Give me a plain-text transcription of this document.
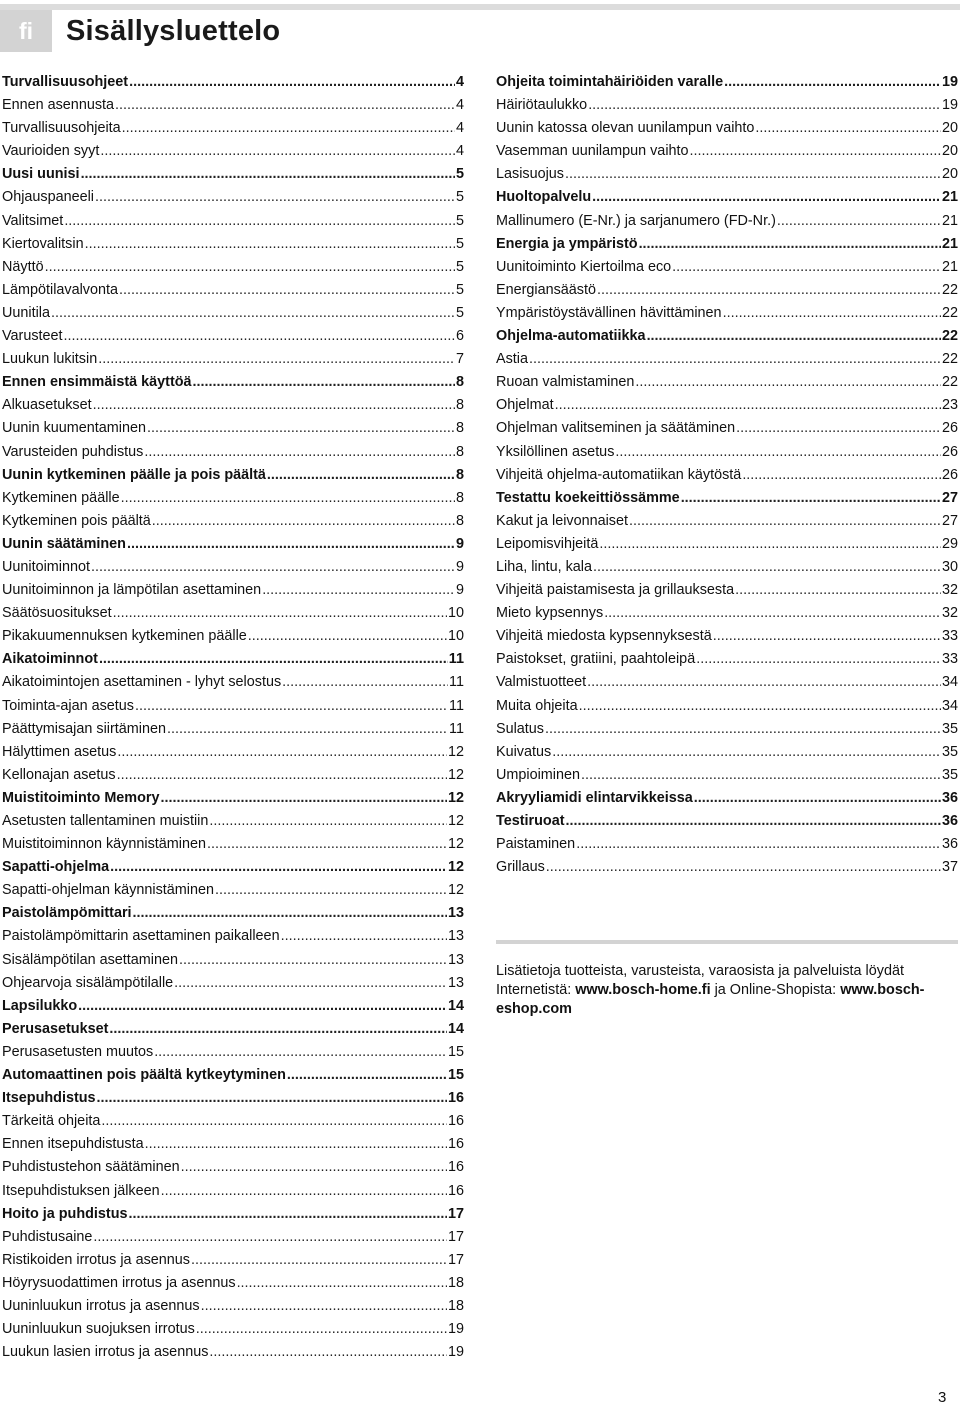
fi	Sisällysluettelo
Turvallisuusohjeet .....	4
Ennen asennusta .....	4
Turvallisuusohjeita .....	4
Vaurioiden syyt .....	4
Uusi uunisi .....	5
Ohjauspaneeli .....	5
Valitsimet .....	5
Kiertovalitsin .....	5
Näyttö .....	5
Lämpötilavalvonta .....	5
Uunitila .....	5
Varusteet .....	6
Luukun lukitsin .....	7
Ennen ensimmäistä käyttöä .....	8
Alkuasetukset .....	8
Uunin kuumentaminen .....	8
Varusteiden puhdistus .....	8
Uunin kytkeminen päälle ja pois päältä .....	8
Kytkeminen päälle .....	8
Kytkeminen pois päältä .....	8
Uunin säätäminen .....	9
Uunitoiminnot .....	9
Uunitoiminnon ja lämpötilan asettaminen .....	9
Säätösuositukset .....	10
Pikakuumennuksen kytkeminen päälle .....	10
Aikatoiminnot .....	11
Aikatoimintojen asettaminen - lyhyt selostus .....	11
Toiminta-ajan asetus .....	11
Päättymisajan siirtäminen .....	11
Hälyttimen asetus .....	12
Kellonajan asetus .....	12
Muistitoiminto Memory .....	12
Asetusten tallentaminen muistiin .....	12
Muistitoiminnon käynnistäminen .....	12
Sapatti-ohjelma .....	12
Sapatti-ohjelman käynnistäminen .....	12
Paistolämpömittari .....	13
Paistolämpömittarin asettaminen paikalleen .....	13
Sisälämpötilan asettaminen .....	13
Ohjearvoja sisälämpötilalle .....	13
Lapsilukko .....	14
Perusasetukset .....	14
Perusasetusten muutos .....	15
Automaattinen pois päältä kytkeytyminen .....	15
Itsepuhdistus .....	16
Tärkeitä ohjeita .....	16
Ennen itsepuhdistusta .....	16
Puhdistustehon säätäminen .....	16
Itsepuhdistuksen jälkeen .....	16
Hoito ja puhdistus .....	17
Puhdistusaine .....	17
Ristikoiden irrotus ja asennus .....	17
Höyrysuodattimen irrotus ja asennus .....	18
Uuninluukun irrotus ja asennus .....	18
Uuninluukun suojuksen irrotus .....	19
Luukun lasien irrotus ja asennus .....	19
Ohjeita toimintahäiriöiden varalle .....	19
Häiriötaulukko .....	19
Uunin katossa olevan uunilampun vaihto .....	20
Vasemman uunilampun vaihto .....	20
Lasisuojus .....	20
Huoltopalvelu .....	21
Mallinumero (E-Nr.) ja sarjanumero (FD-Nr.) .....	21
Energia ja ympäristö .....	21
Uunitoiminto Kiertoilma eco .....	21
Energiansäästö .....	22
Ympäristöystävällinen hävittäminen .....	22
Ohjelma-automatiikka .....	22
Astia .....	22
Ruoan valmistaminen .....	22
Ohjelmat .....	23
Ohjelman valitseminen ja säätäminen .....	26
Yksilöllinen asetus .....	26
Vihjeitä ohjelma-automatiikan käytöstä .....	26
Testattu koekeittiössämme .....	27
Kakut ja leivonnaiset .....	27
Leipomisvihjeitä .....	29
Liha, lintu, kala .....	30
Vihjeitä paistamisesta ja grillauksesta .....	32
Mieto kypsennys .....	32
Vihjeitä miedosta kypsennyksestä .....	33
Paistokset, gratiini, paahtoleipä .....	33
Valmistuotteet .....	34
Muita ohjeita .....	34
Sulatus .....	35
Kuivatus .....	35
Umpioiminen .....	35
Akryyliamidi elintarvikkeissa .....	36
Testiruoat .....	36
Paistaminen .....	36
Grillaus .....	37
Lisätietoja tuotteista, varusteista, varaosista ja palveluista löydät Internetistä: www.bosch-home.fi ja Online-Shopista: www.bosch-eshop.com
3
